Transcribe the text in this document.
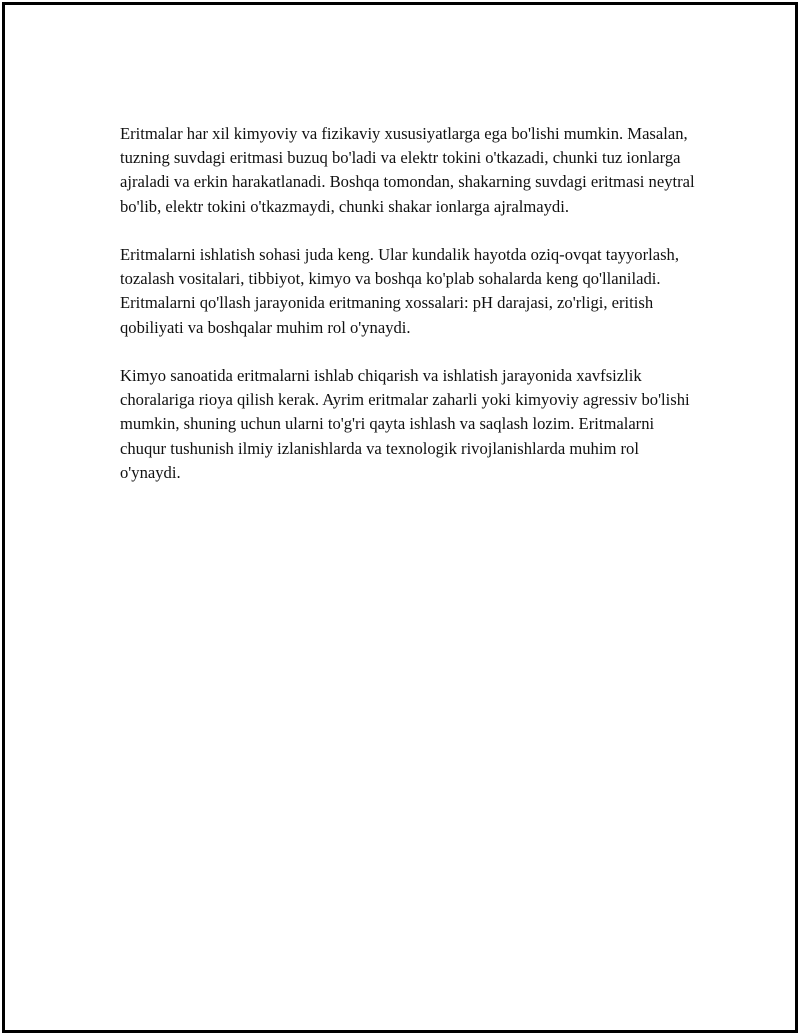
Eritmalar har xil kimyoviy va fizikaviy xususiyatlarga ega bo'lishi mumkin. Masalan, tuzning suvdagi eritmasi buzuq bo'ladi va elektr tokini o'tkazadi, chunki tuz ionlarga ajraladi va erkin harakatlanadi. Boshqa tomondan, shakarning suvdagi eritmasi neytral bo'lib, elektr tokini o'tkazmaydi, chunki shakar ionlarga ajralmaydi.

Eritmalarni ishlatish sohasi juda keng. Ular kundalik hayotda oziq-ovqat tayyorlash, tozalash vositalari, tibbiyot, kimyo va boshqa ko'plab sohalarda keng qo'llaniladi. Eritmalarni qo'llash jarayonida eritmaning xossalari: pH darajasi, zo'rligi, eritish qobiliyati va boshqalar muhim rol o'ynaydi.

Kimyo sanoatida eritmalarni ishlab chiqarish va ishlatish jarayonida xavfsizlik choralariga rioya qilish kerak. Ayrim eritmalar zaharli yoki kimyoviy agressiv bo'lishi mumkin, shuning uchun ularni to'g'ri qayta ishlash va saqlash lozim. Eritmalarni chuqur tushunish ilmiy izlanishlarda va texnologik rivojlanishlarda muhim rol o'ynaydi.
